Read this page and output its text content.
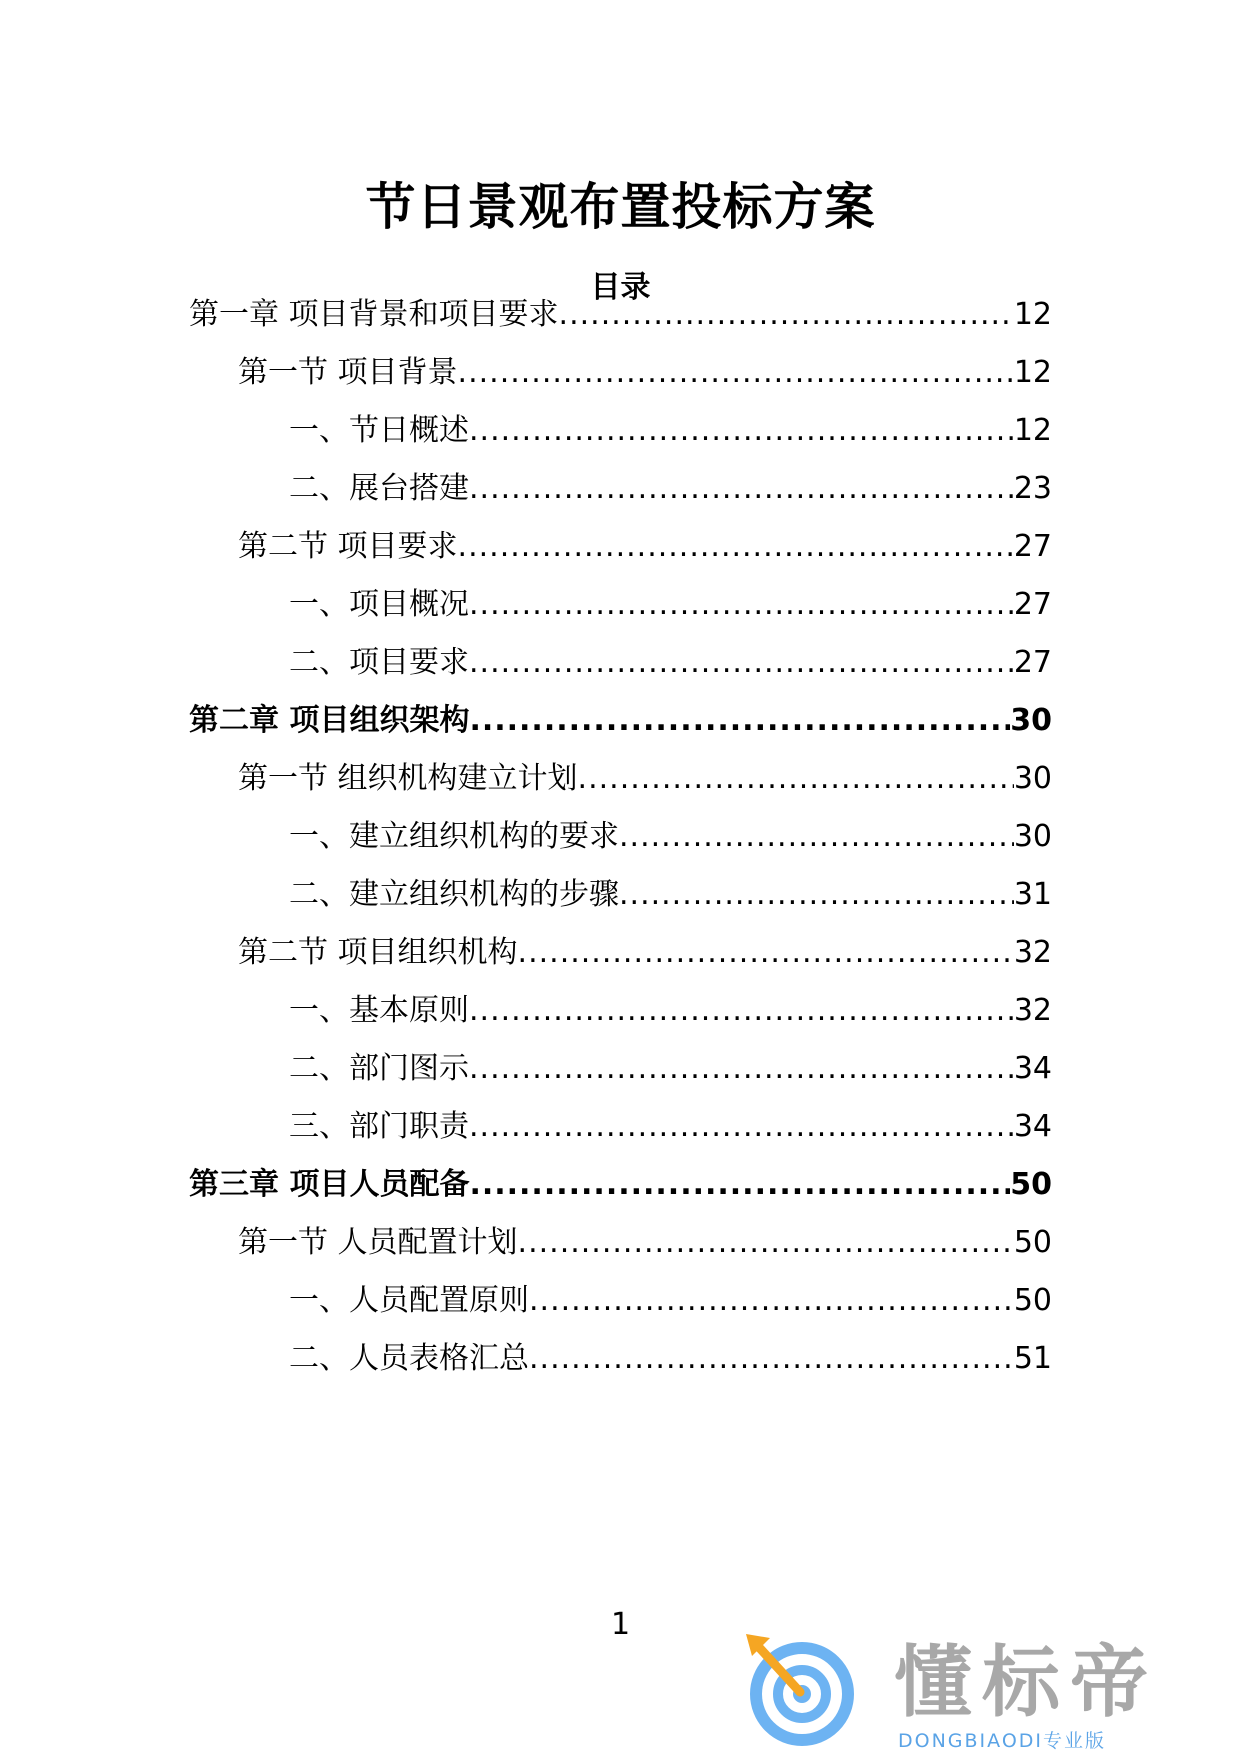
节日景观布置投标方案
目录
第一章 项目背景和项目要求 .....	12
第一节 项目背景 .....	12
一、节日概述 .....	12
二、展台搭建 .....	23
第二节 项目要求 .....	27
一、项目概况 .....	27
二、项目要求 .....	27
第二章 项目组织架构 .....	30
第一节 组织机构建立计划 .....	30
一、建立组织机构的要求 .....	30
二、建立组织机构的步骤 .....	31
第二节 项目组织机构 .....	32
一、基本原则 .....	32
二、部门图示 .....	34
三、部门职责 .....	34
第三章 项目人员配备 .....	50
第一节 人员配置计划 .....	50
一、人员配置原则 .....	50
二、人员表格汇总 .....	51
1
懂标帝
DONGBIAODI专业版
